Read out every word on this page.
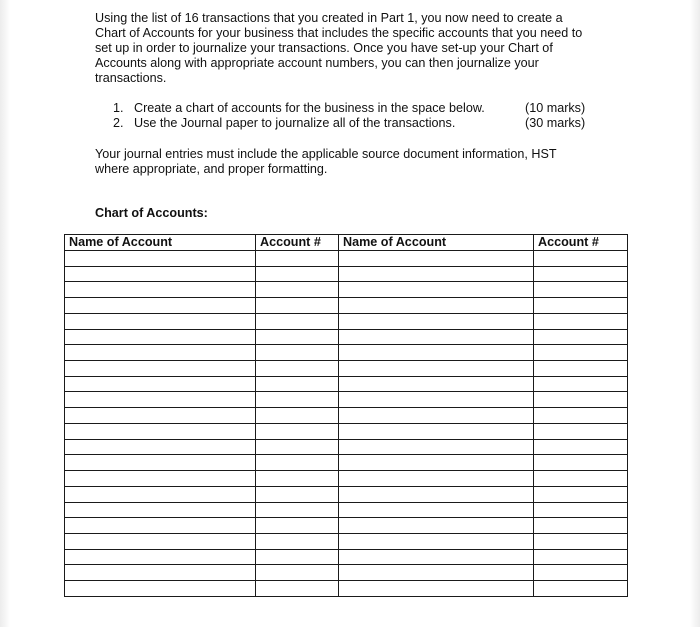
Using the list of 16 transactions that you created in Part 1, you now need to create a
Chart of Accounts for your business that includes the specific accounts that you need to
set up in order to journalize your transactions. Once you have set-up your Chart of
Accounts along with appropriate account numbers, you can then journalize your
transactions.
1. Create a chart of accounts for the business in the space below.	(10 marks)
2. Use the Journal paper to journalize all of the transactions.	(30 marks)
Your journal entries must include the applicable source document information, HST
where appropriate, and proper formatting.
Chart of Accounts:
Name of Account	Account #	Name of Account	Account #
